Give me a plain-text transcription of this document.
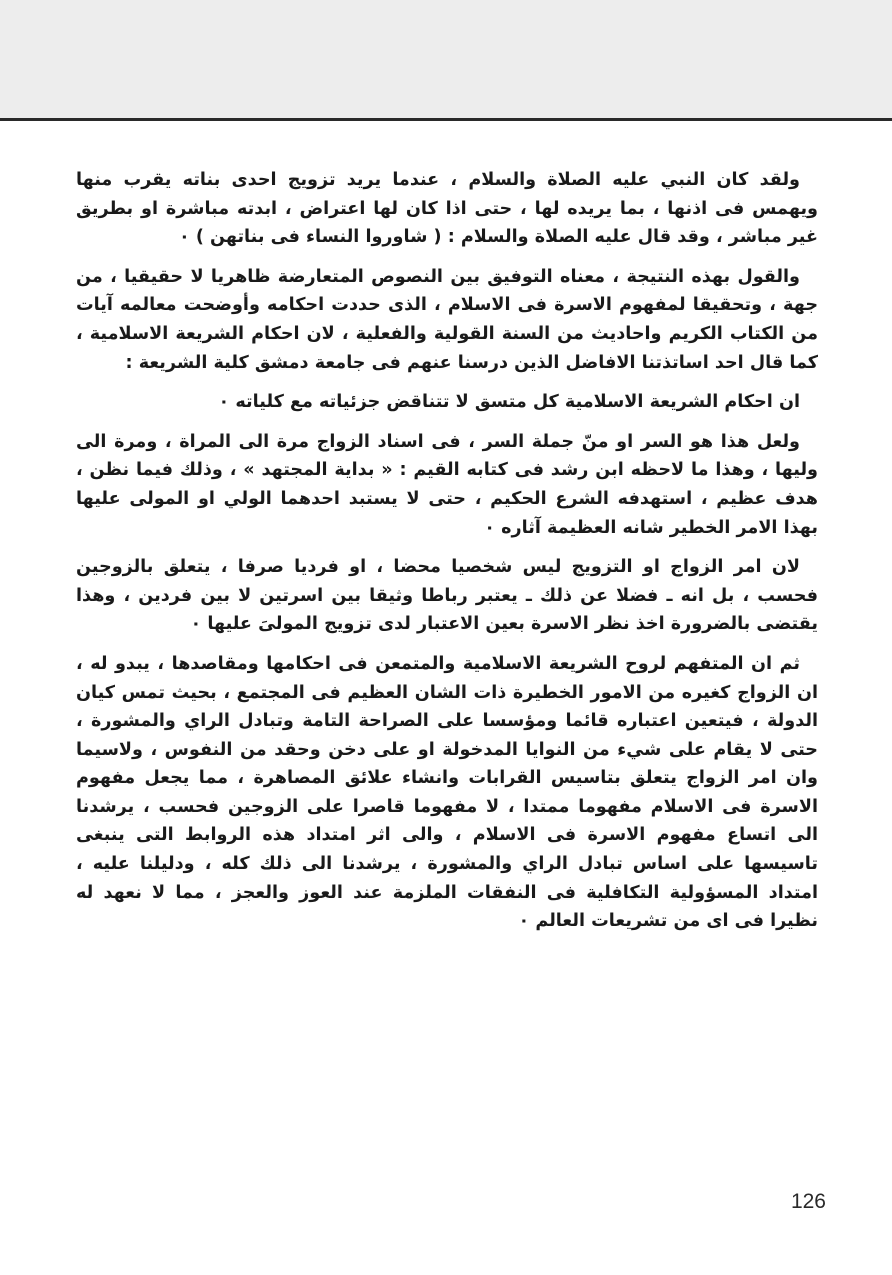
ولقد كان النبي عليه الصلاة والسلام ، عندما يريد تزويج احدى بناته يقرب منها ويهمس فى اذنها ، بما يريده لها ، حتى اذا كان لها اعتراض ، ابدته مباشرة او بطريق غير مباشر ، وقد قال عليه الصلاة والسلام : ( شاوروا النساء فى بناتهن ) ٠

والقول بهذه النتيجة ، معناه التوفيق بين النصوص المتعارضة ظاهريا لا حقيقيا ، من جهة ، وتحقيقا لمفهوم الاسرة فى الاسلام ، الذى حددت احكامه وأوضحت معالمه آيات من الكتاب الكريم واحاديث من السنة القولية والفعلية ، لان احكام الشريعة الاسلامية ، كما قال احد اساتذتنا الافاضل الذين درسنا عنهم فى جامعة دمشق كلية الشريعة :

ان احكام الشريعة الاسلامية كل متسق لا تتناقض جزئياته مع كلياته ٠

ولعل هذا هو السر او منّ جملة السر ، فى اسناد الزواج مرة الى المراة ، ومرة الى وليها ، وهذا ما لاحظه ابن رشد فى كتابه القيم : « بداية المجتهد » ، وذلك فيما نظن ، هدف عظيم ، استهدفه الشرع الحكيم ، حتى لا يستبد احدهما الولي او المولى عليها بهذا الامر الخطير شانه العظيمة آثاره ٠

لان امر الزواج او التزويج ليس شخصيا محضا ، او فرديا صرفا ، يتعلق بالزوجين فحسب ، بل انه ـ فضلا عن ذلك ـ يعتبر رباطا وثيقا بين اسرتين لا بين فردين ، وهذا يقتضى بالضرورة اخذ نظر الاسرة بعين الاعتبار لدى تزويج المولىَ عليها ٠

ثم ان المتفهم لروح الشريعة الاسلامية والمتمعن فى احكامها ومقاصدها ، يبدو له ، ان الزواج كغيره من الامور الخطيرة ذات الشان العظيم فى المجتمع ، بحيث تمس كيان الدولة ، فيتعين اعتباره قائما ومؤسسا على الصراحة التامة وتبادل الراي والمشورة ، حتى لا يقام على شيء من النوايا المدخولة او على دخن وحقد من النفوس ، ولاسيما وان امر الزواج يتعلق بتاسيس القرابات وانشاء علائق المصاهرة ، مما يجعل مفهوم الاسرة فى الاسلام مفهوما ممتدا ، لا مفهوما قاصرا على الزوجين فحسب ، يرشدنا الى اتساع مفهوم الاسرة فى الاسلام ، والى اثر امتداد هذه الروابط التى ينبغى تاسيسها على اساس تبادل الراي والمشورة ، يرشدنا الى ذلك كله ، ودليلنا عليه ، امتداد المسؤولية التكافلية فى النفقات الملزمة عند العوز والعجز ، مما لا نعهد له نظيرا فى اى من تشريعات العالم ٠

126
